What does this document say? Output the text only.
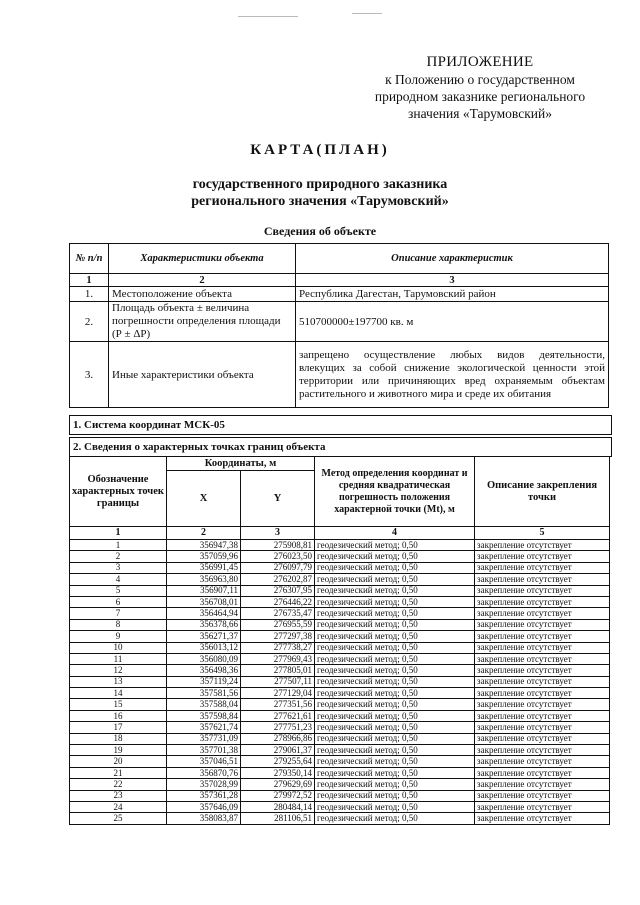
ПРИЛОЖЕНИЕ
к Положению о государственном
природном заказнике регионального
значения «Тарумовский»
КАРТА(ПЛАН)
государственного природного заказника
регионального значения «Тарумовский»
Сведения об объекте
№ п/п	Характеристики объекта	Описание характеристик
1	2	3
1.	Местоположение объекта	Республика Дагестан, Тарумовский район
2.	Площадь объекта ± величина погрешности определения площади (Р ± ΔР)	510700000±197700 кв. м
3.	Иные характеристики объекта	запрещено осуществление любых видов деятельности, влекущих за собой снижение экологической ценности этой территории или причиняющих вред охраняемым объектам растительного и животного мира и среде их обитания
1. Система координат МСК-05
2. Сведения о характерных точках границ объекта
Обозначение характерных точек границы	Координаты, м		Метод определения координат и средняя квадратическая погрешность положения характерной точки (Mt), м	Описание закрепления точки
	X	Y		
1	2	3	4	5
1	356947,38	275908,81	геодезический метод; 0,50	закрепление отсутствует
2	357059,96	276023,50	геодезический метод; 0,50	закрепление отсутствует
3	356991,45	276097,79	геодезический метод; 0,50	закрепление отсутствует
4	356963,80	276202,87	геодезический метод; 0,50	закрепление отсутствует
5	356907,11	276307,95	геодезический метод; 0,50	закрепление отсутствует
6	356708,01	276446,22	геодезический метод; 0,50	закрепление отсутствует
7	356464,94	276735,47	геодезический метод; 0,50	закрепление отсутствует
8	356378,66	276955,59	геодезический метод; 0,50	закрепление отсутствует
9	356271,37	277297,38	геодезический метод; 0,50	закрепление отсутствует
10	356013,12	277738,27	геодезический метод; 0,50	закрепление отсутствует
11	356080,09	277969,43	геодезический метод; 0,50	закрепление отсутствует
12	356498,36	277805,01	геодезический метод; 0,50	закрепление отсутствует
13	357119,24	277507,11	геодезический метод; 0,50	закрепление отсутствует
14	357581,56	277129,04	геодезический метод; 0,50	закрепление отсутствует
15	357588,04	277351,56	геодезический метод; 0,50	закрепление отсутствует
16	357598,84	277621,61	геодезический метод; 0,50	закрепление отсутствует
17	357621,74	277751,23	геодезический метод; 0,50	закрепление отсутствует
18	357731,09	278966,86	геодезический метод; 0,50	закрепление отсутствует
19	357701,38	279061,37	геодезический метод; 0,50	закрепление отсутствует
20	357046,51	279255,64	геодезический метод; 0,50	закрепление отсутствует
21	356870,76	279350,14	геодезический метод; 0,50	закрепление отсутствует
22	357028,99	279629,69	геодезический метод; 0,50	закрепление отсутствует
23	357361,28	279972,52	геодезический метод; 0,50	закрепление отсутствует
24	357646,09	280484,14	геодезический метод; 0,50	закрепление отсутствует
25	358083,87	281106,51	геодезический метод; 0,50	закрепление отсутствует
